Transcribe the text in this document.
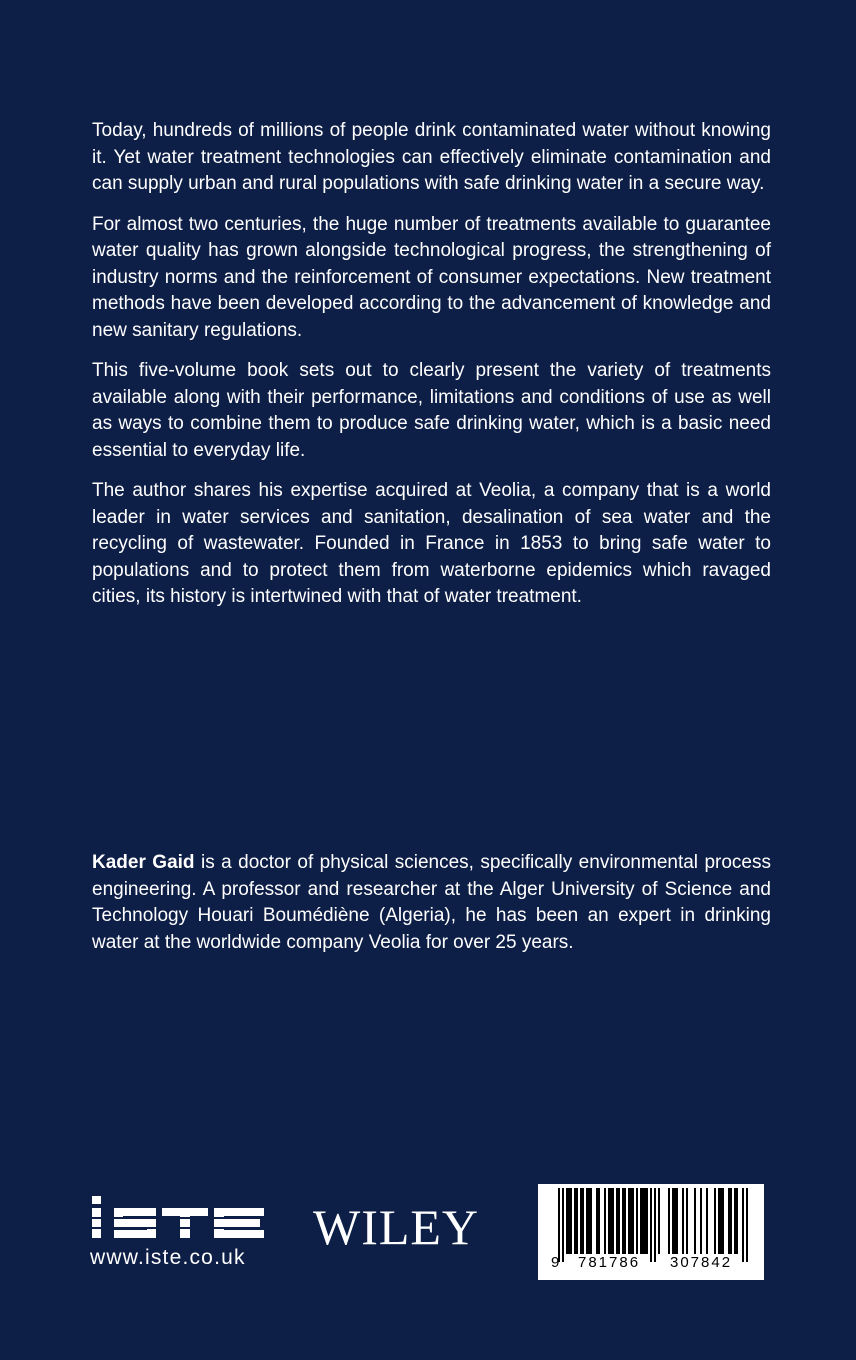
Today, hundreds of millions of people drink contaminated water without knowing it. Yet water treatment technologies can effectively eliminate contamination and can supply urban and rural populations with safe drinking water in a secure way.

For almost two centuries, the huge number of treatments available to guarantee water quality has grown alongside technological progress, the strengthening of industry norms and the reinforcement of consumer expectations. New treatment methods have been developed according to the advancement of knowledge and new sanitary regulations.

This five-volume book sets out to clearly present the variety of treatments available along with their performance, limitations and conditions of use as well as ways to combine them to produce safe drinking water, which is a basic need essential to everyday life.

The author shares his expertise acquired at Veolia, a company that is a world leader in water services and sanitation, desalination of sea water and the recycling of wastewater. Founded in France in 1853 to bring safe water to populations and to protect them from waterborne epidemics which ravaged cities, its history is intertwined with that of water treatment.

Kader Gaid is a doctor of physical sciences, specifically environmental process engineering. A professor and researcher at the Alger University of Science and Technology Houari Boumédiène (Algeria), he has been an expert in drinking water at the worldwide company Veolia for over 25 years.

www.iste.co.uk
WILEY
9 781786 307842
